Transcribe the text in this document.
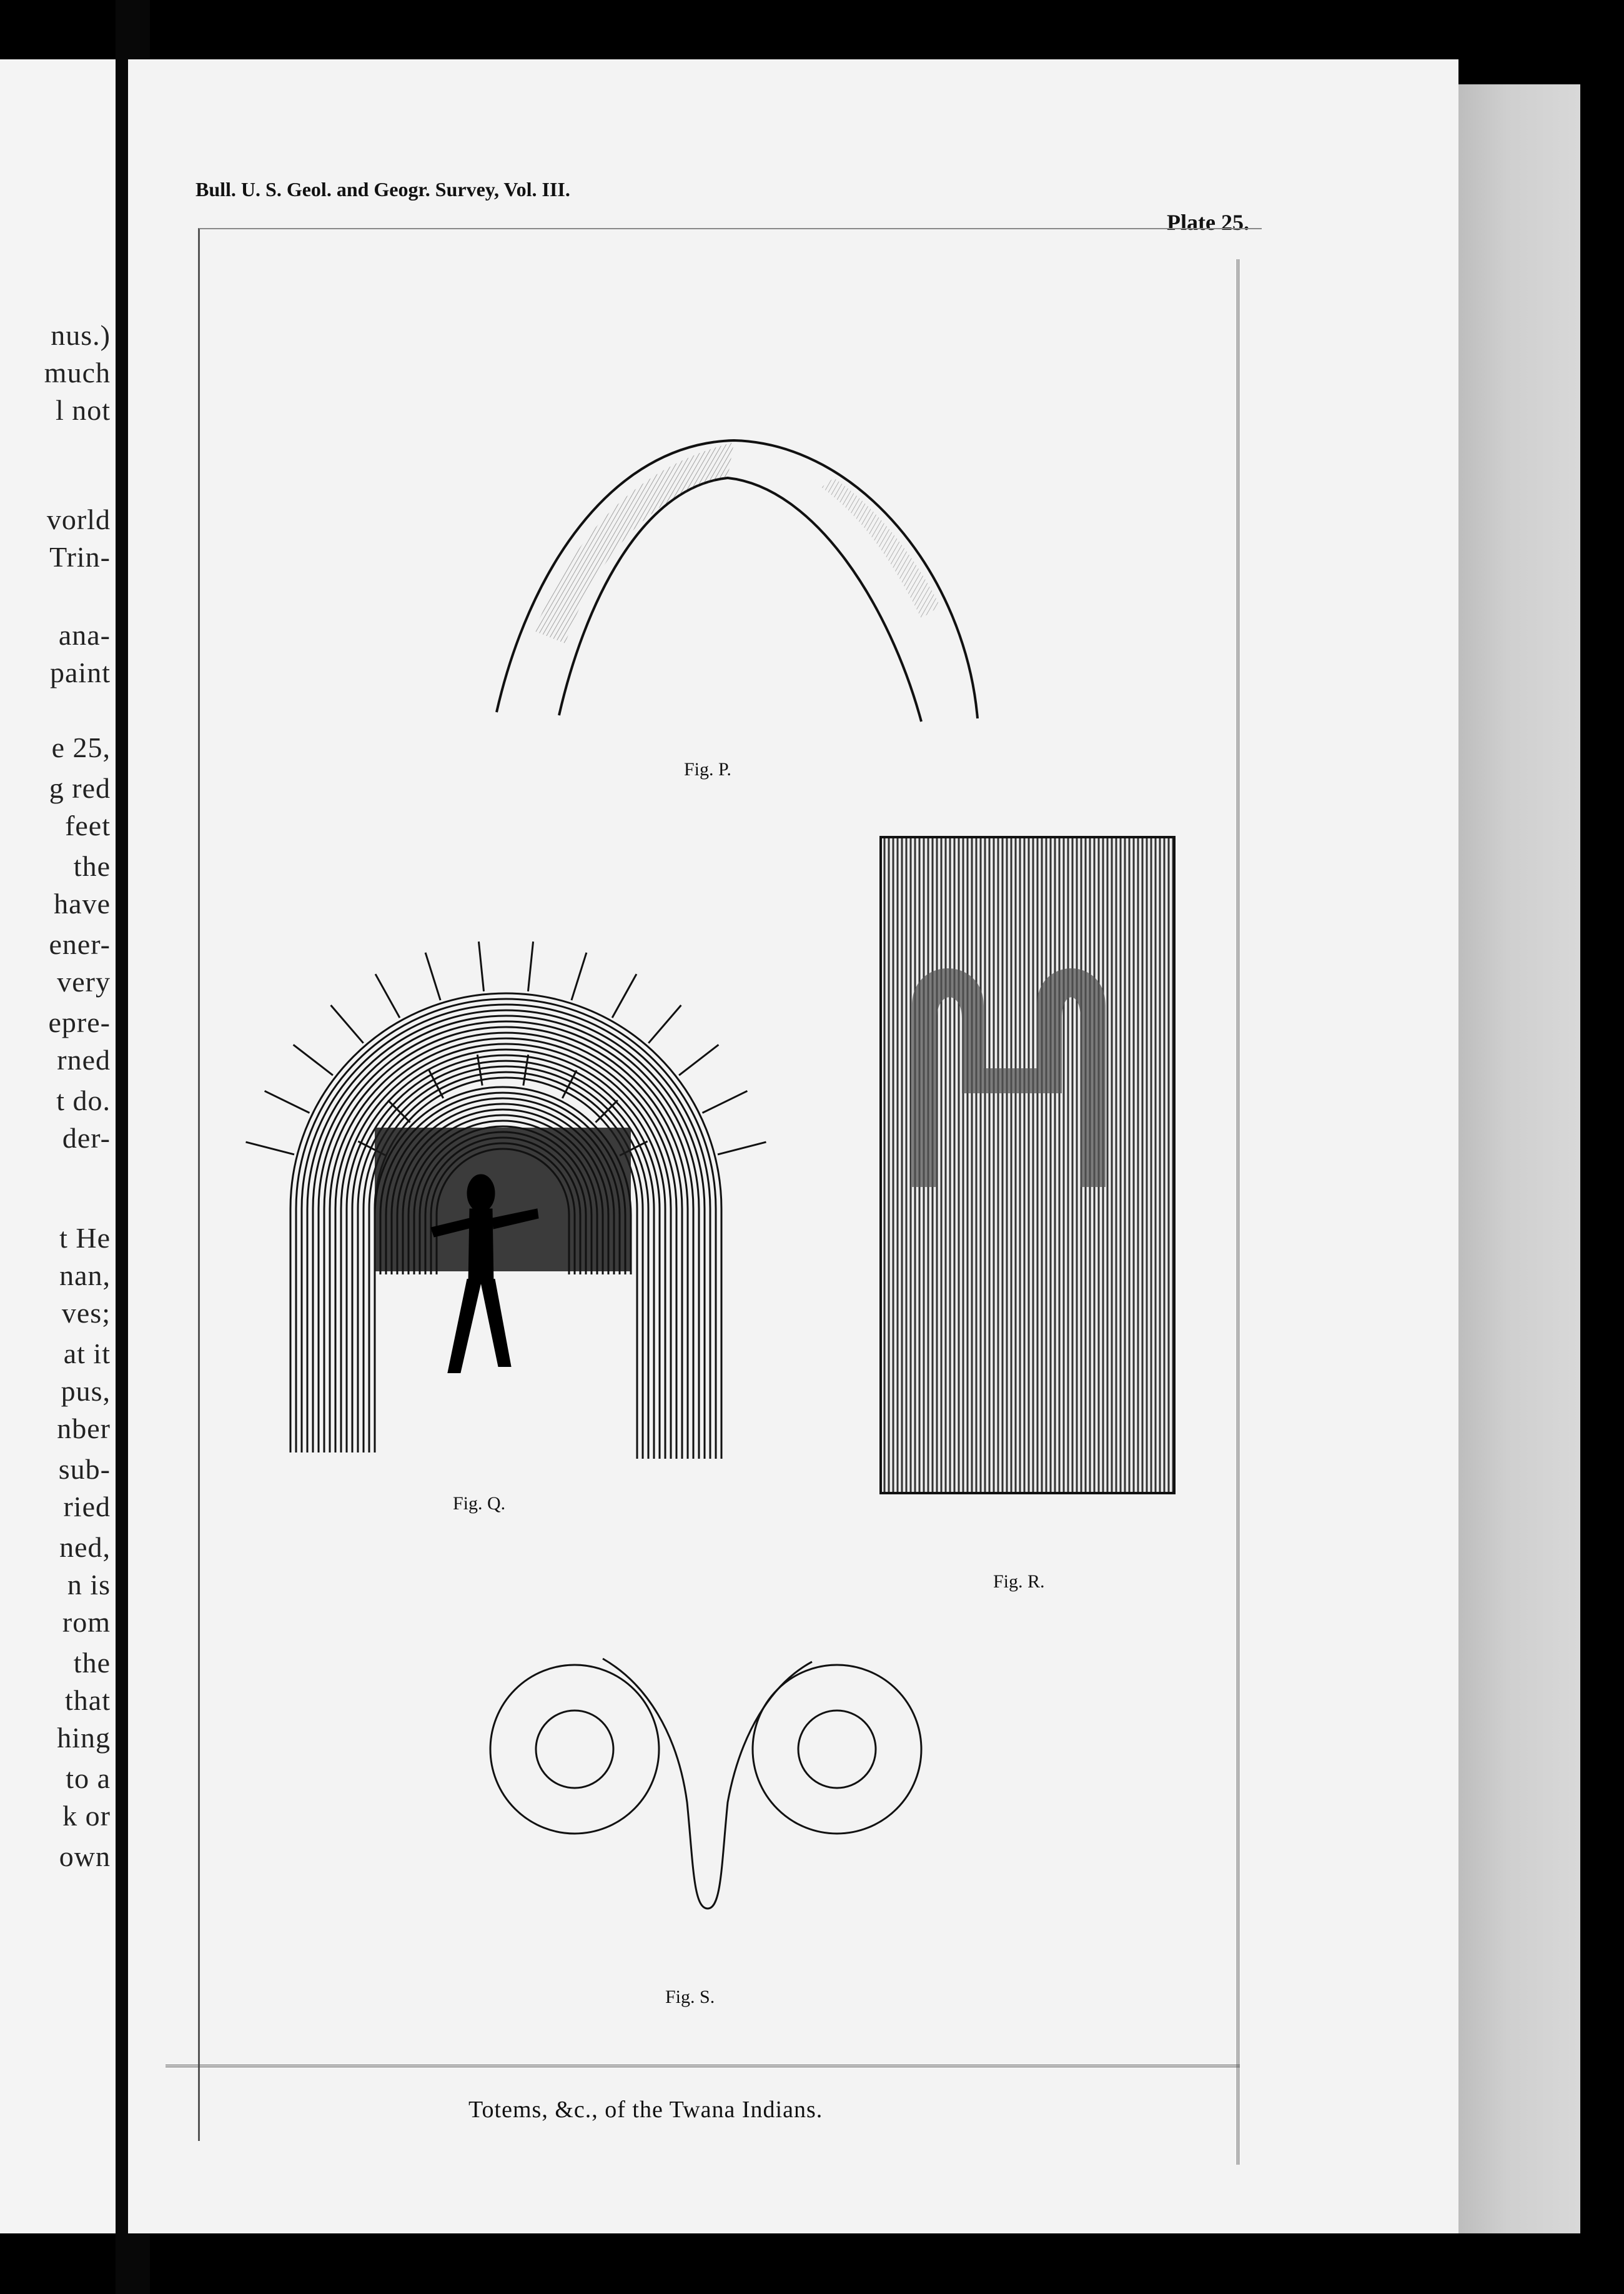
nus.)
much
l not
vorld
Trin-
ana-
paint
e 25,
g red
feet
the
have
ener-
very
epre-
rned
t do.
der-
t He
nan,
ves;
at it
pus,
nber
sub-
ried
ned,
n is
rom
the
that
hing
to a
k or
own
Bull. U. S. Geol. and Geogr. Survey, Vol. III.
Plate 25.
Fig. P.
Fig. Q.
Fig. R.
Fig. S.
Totems, &c., of the Twana Indians.
